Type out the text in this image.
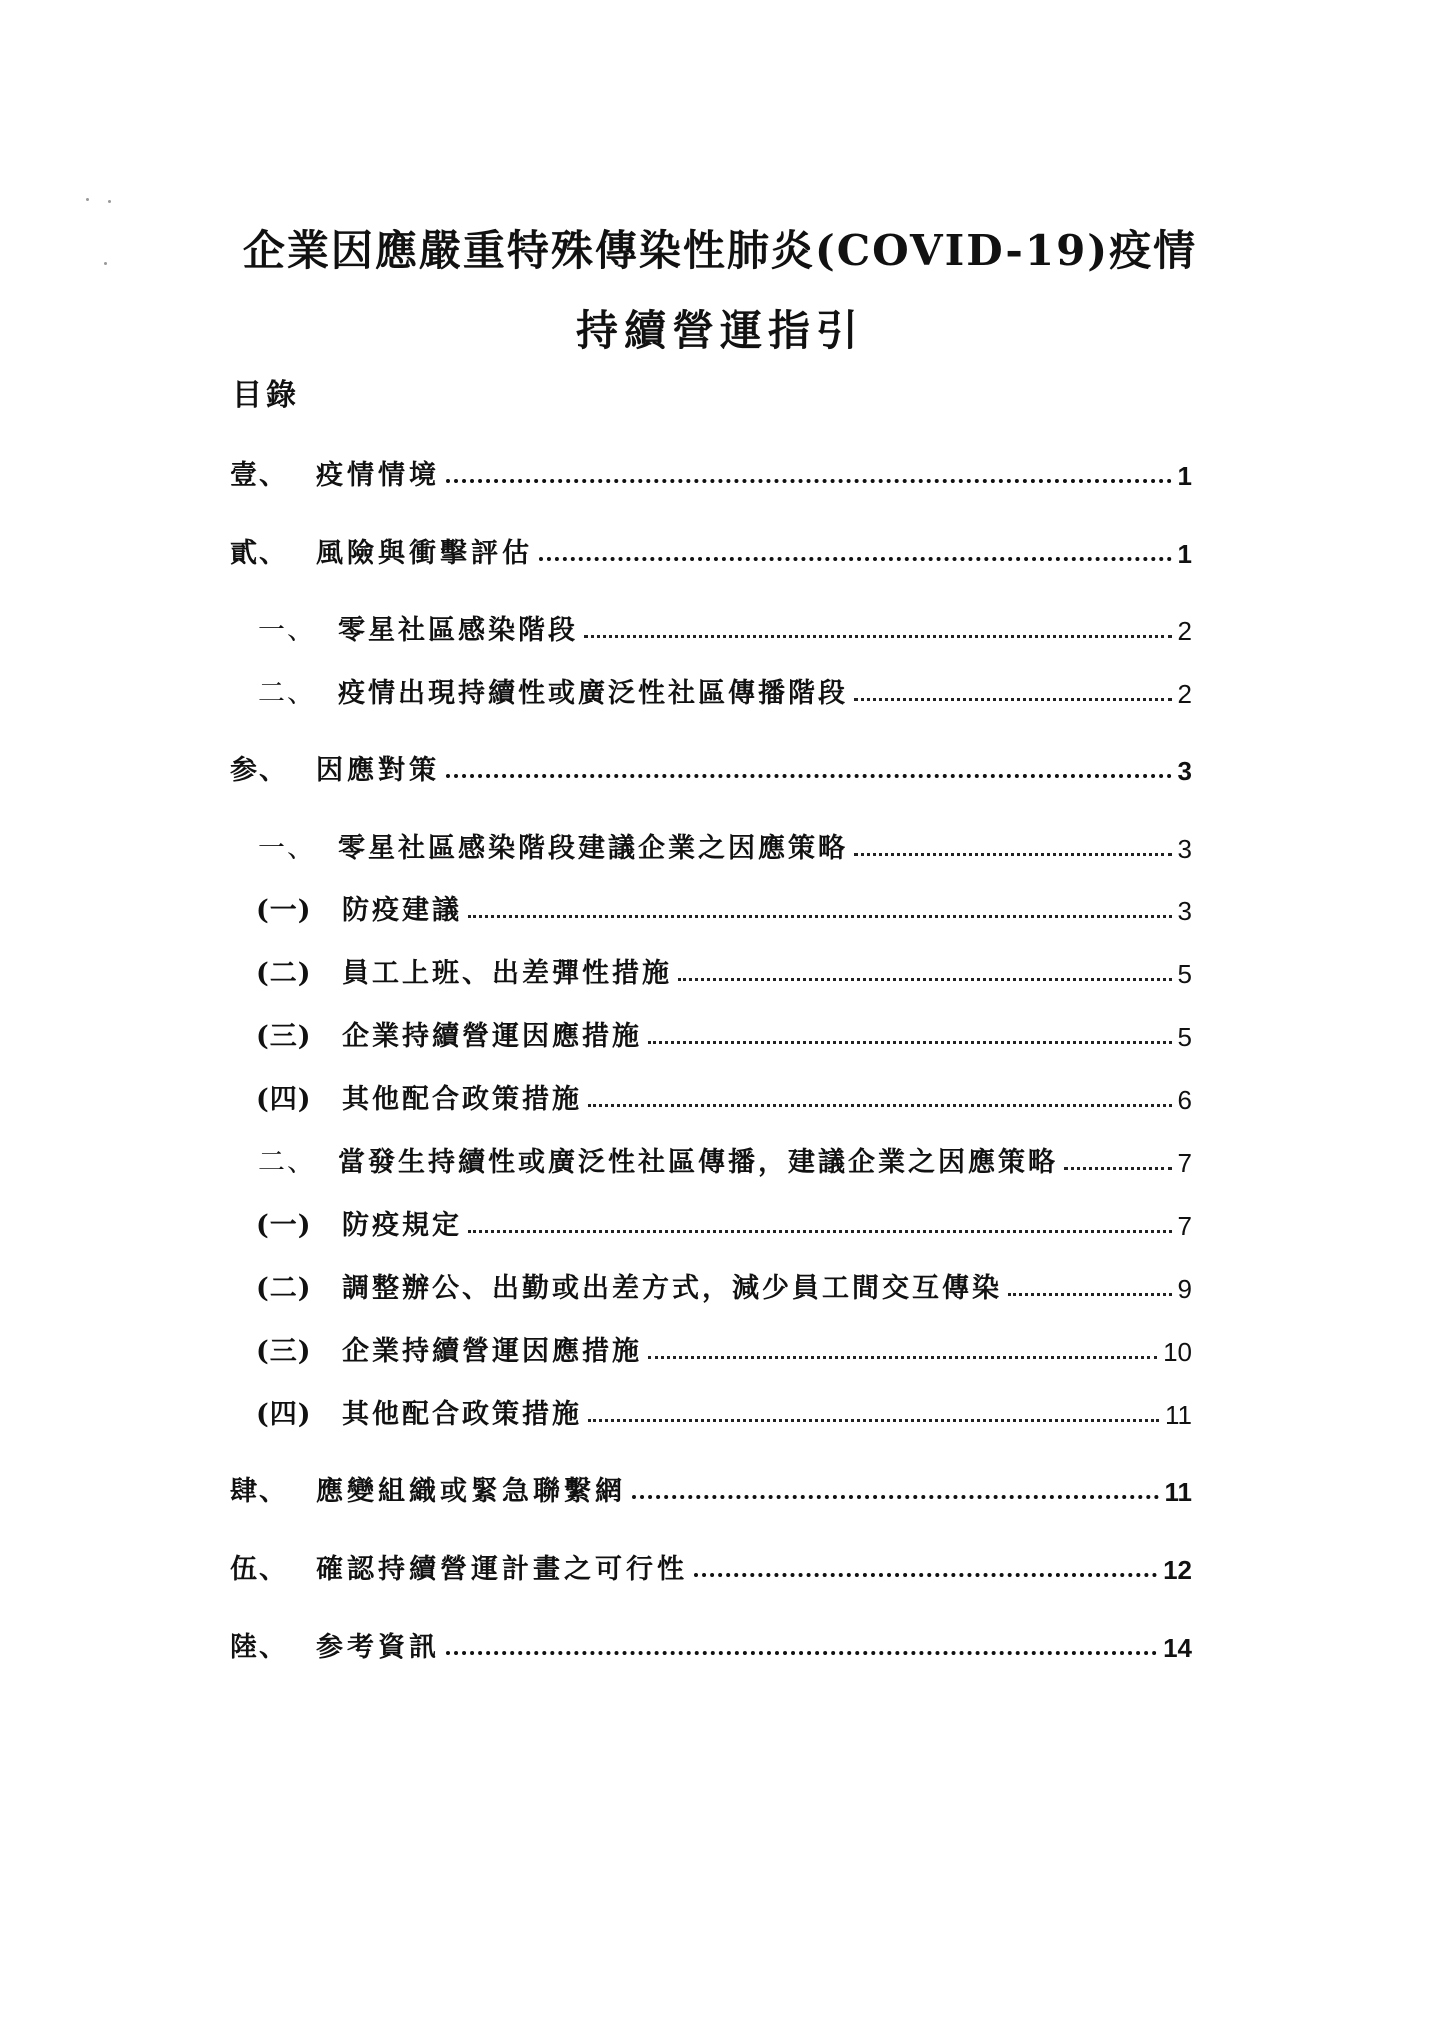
企業因應嚴重特殊傳染性肺炎(COVID-19)疫情
持續營運指引
目錄
壹、	疫情情境	1
貳、	風險與衝擊評估	1
一、 零星社區感染階段	2
二、 疫情出現持續性或廣泛性社區傳播階段	2
参、	因應對策	3
一、 零星社區感染階段建議企業之因應策略	3
(一)	防疫建議	3
(二)	員工上班、出差彈性措施	5
(三)	企業持續營運因應措施	5
(四)	其他配合政策措施	6
二、 當發生持續性或廣泛性社區傳播，建議企業之因應策略	7
(一)	防疫規定	7
(二)	調整辦公、出勤或出差方式，減少員工間交互傳染	9
(三)	企業持續營運因應措施	10
(四)	其他配合政策措施	11
肆、	應變組織或緊急聯繫網	11
伍、	確認持續營運計畫之可行性	12
陸、	参考資訊	14
